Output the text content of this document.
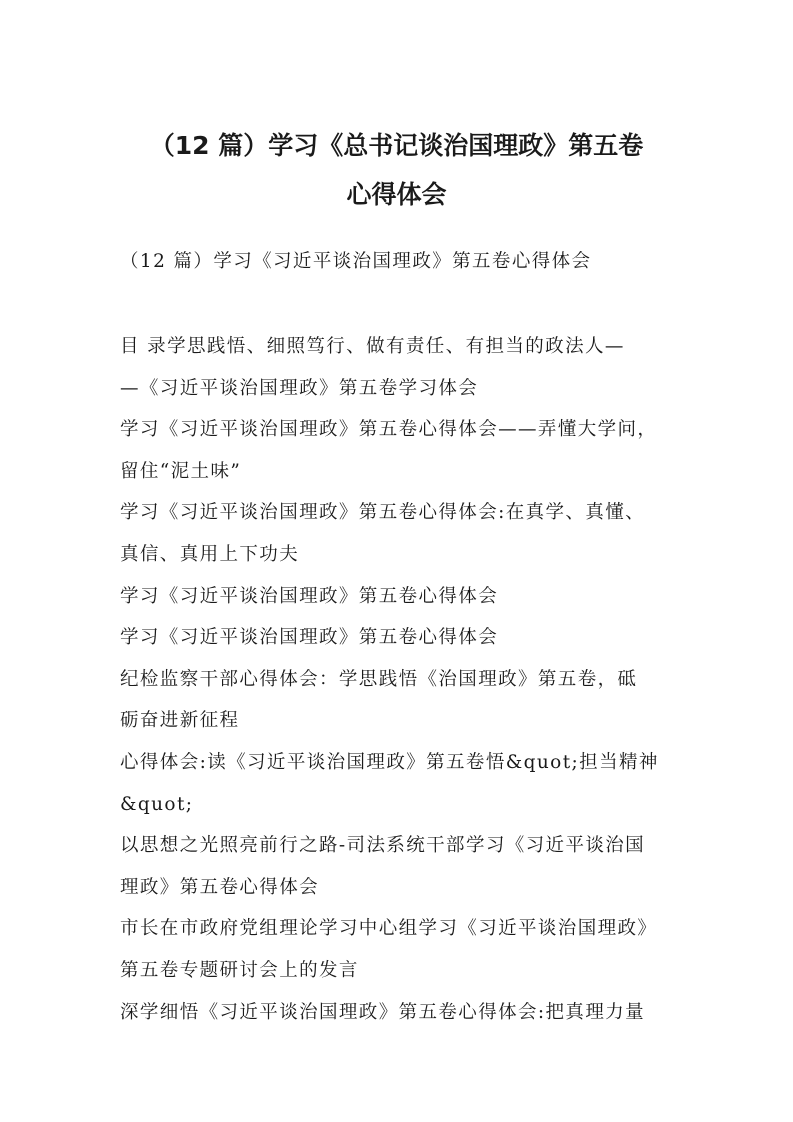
（12 篇）学习《总书记谈治国理政》第五卷
心得体会
（12 篇）学习《习近平谈治国理政》第五卷心得体会
目 录学思践悟、细照笃行、做有责任、有担当的政法人—
—《习近平谈治国理政》第五卷学习体会
学习《习近平谈治国理政》第五卷心得体会——弄懂大学问，
留住“泥土味”
学习《习近平谈治国理政》第五卷心得体会:在真学、真懂、
真信、真用上下功夫
学习《习近平谈治国理政》第五卷心得体会
学习《习近平谈治国理政》第五卷心得体会
纪检监察干部心得体会：学思践悟《治国理政》第五卷，砥
砺奋进新征程
心得体会:读《习近平谈治国理政》第五卷悟&quot;担当精神
&quot;
以思想之光照亮前行之路-司法系统干部学习《习近平谈治国
理政》第五卷心得体会
市长在市政府党组理论学习中心组学习《习近平谈治国理政》
第五卷专题研讨会上的发言
深学细悟《习近平谈治国理政》第五卷心得体会:把真理力量
